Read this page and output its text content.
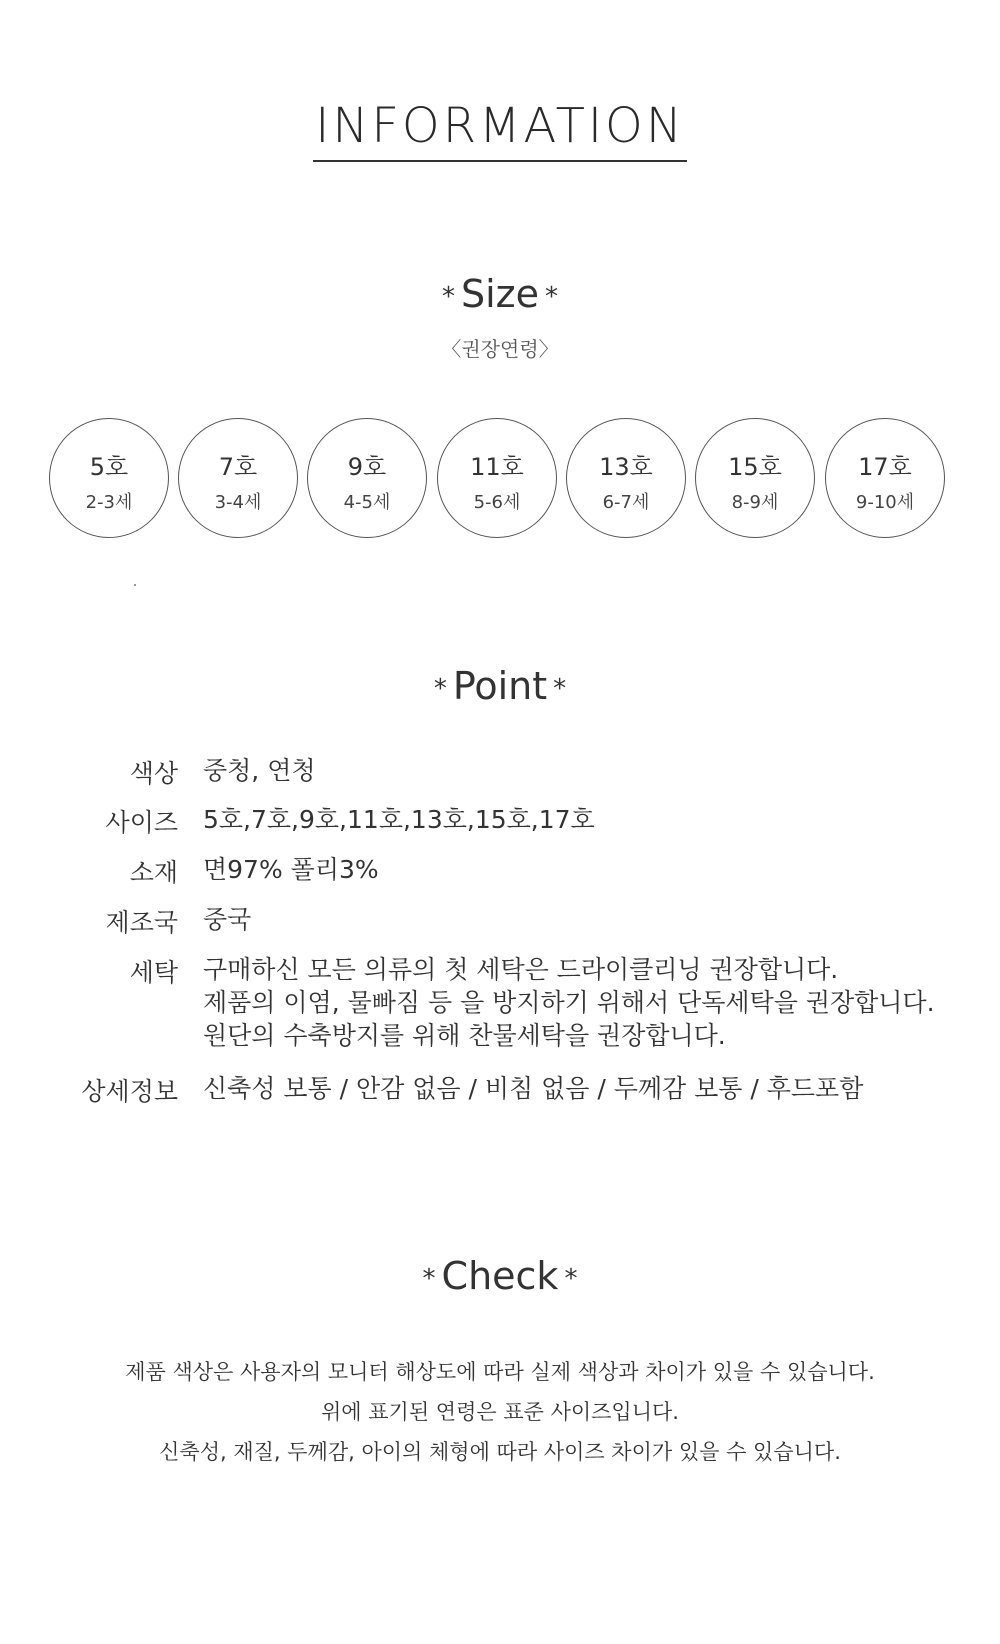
INFORMATION
* Size *
〈권장연령〉
5호
2-3세
7호
3-4세
9호
4-5세
11호
5-6세
13호
6-7세
15호
8-9세
17호
9-10세
* Point *
색상 중청, 연청
사이즈 5호,7호,9호,11호,13호,15호,17호
소재 면97% 폴리3%
제조국 중국
세탁 구매하신 모든 의류의 첫 세탁은 드라이클리닝 권장합니다.
제품의 이염, 물빠짐 등 을 방지하기 위해서 단독세탁을 권장합니다.
원단의 수축방지를 위해 찬물세탁을 권장합니다.
상세정보 신축성 보통 / 안감 없음 / 비침 없음 / 두께감 보통 / 후드포함
* Check *
제품 색상은 사용자의 모니터 해상도에 따라 실제 색상과 차이가 있을 수 있습니다.
위에 표기된 연령은 표준 사이즈입니다.
신축성, 재질, 두께감, 아이의 체형에 따라 사이즈 차이가 있을 수 있습니다.
